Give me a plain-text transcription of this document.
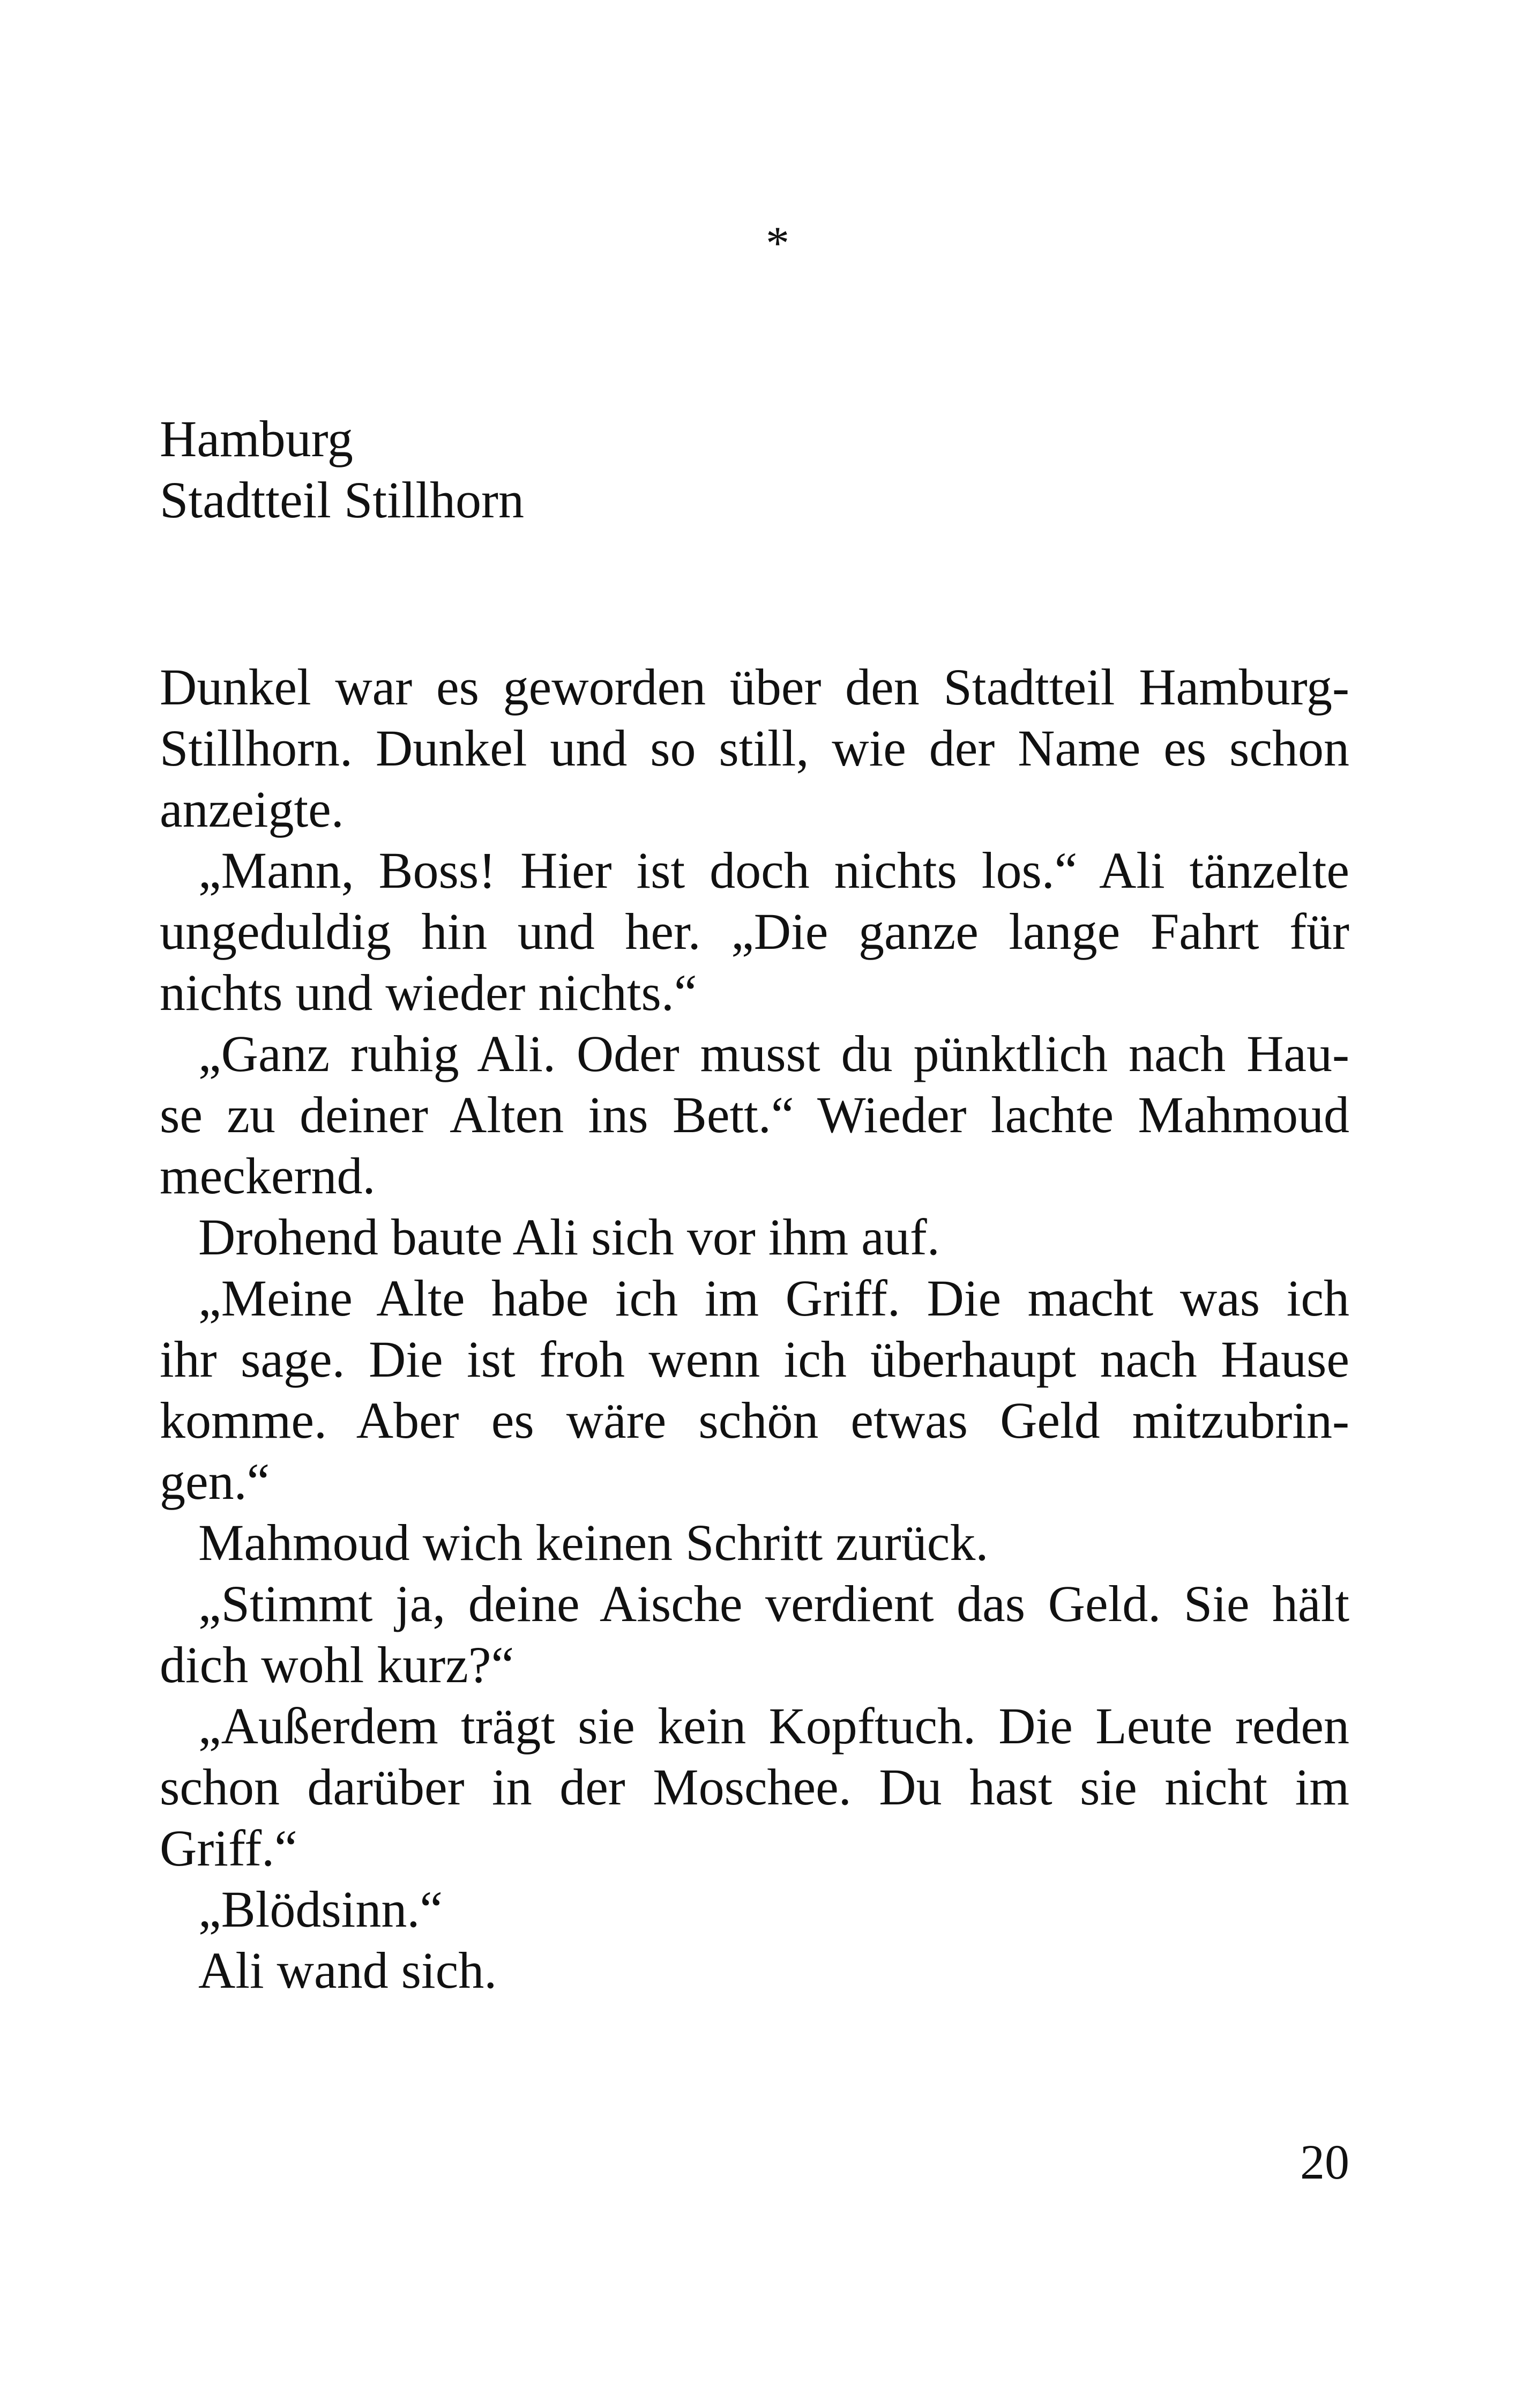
*
Hamburg
Stadtteil Stillhorn
Dunkel war es geworden über den Stadtteil Hamburg-
Stillhorn. Dunkel und so still, wie der Name es schon
anzeigte.
„Mann, Boss! Hier ist doch nichts los.“ Ali tänzelte
ungeduldig hin und her. „Die ganze lange Fahrt für
nichts und wieder nichts.“
„Ganz ruhig Ali. Oder musst du pünktlich nach Hau-
se zu deiner Alten ins Bett.“ Wieder lachte Mahmoud
meckernd.
Drohend baute Ali sich vor ihm auf.
„Meine Alte habe ich im Griff. Die macht was ich
ihr sage. Die ist froh wenn ich überhaupt nach Hause
komme. Aber es wäre schön etwas Geld mitzubrin-
gen.“
Mahmoud wich keinen Schritt zurück.
„Stimmt ja, deine Aische verdient das Geld. Sie hält
dich wohl kurz?“
„Außerdem trägt sie kein Kopftuch. Die Leute reden
schon darüber in der Moschee. Du hast sie nicht im
Griff.“
„Blödsinn.“
Ali wand sich.
20
